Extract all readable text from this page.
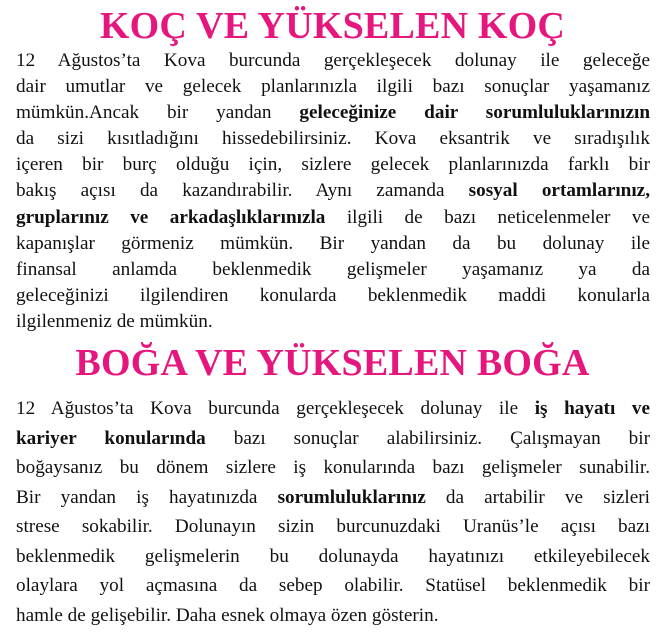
KOÇ VE YÜKSELEN KOÇ
12 Ağustos’ta Kova burcunda gerçekleşecek dolunay ile geleceğe
dair umutlar ve gelecek planlarınızla ilgili bazı sonuçlar yaşamanız
mümkün.Ancak bir yandan geleceğinize dair sorumluluklarınızın
da sizi kısıtladığını hissedebilirsiniz. Kova eksantrik ve sıradışılık
içeren bir burç olduğu için, sizlere gelecek planlarınızda farklı bir
bakış açısı da kazandırabilir. Aynı zamanda sosyal ortamlarınız,
gruplarınız ve arkadaşlıklarınızla ilgili de bazı neticelenmeler ve
kapanışlar görmeniz mümkün. Bir yandan da bu dolunay ile
finansal anlamda beklenmedik gelişmeler yaşamanız ya da
geleceğinizi ilgilendiren konularda beklenmedik maddi konularla
ilgilenmeniz de mümkün.
BOĞA VE YÜKSELEN BOĞA
12 Ağustos’ta Kova burcunda gerçekleşecek dolunay ile iş hayatı ve
kariyer konularında bazı sonuçlar alabilirsiniz. Çalışmayan bir
boğaysanız bu dönem sizlere iş konularında bazı gelişmeler sunabilir.
Bir yandan iş hayatınızda sorumluluklarınız da artabilir ve sizleri
strese sokabilir. Dolunayın sizin burcunuzdaki Uranüs’le açısı bazı
beklenmedik gelişmelerin bu dolunayda hayatınızı etkileyebilecek
olaylara yol açmasına da sebep olabilir. Statüsel beklenmedik bir
hamle de gelişebilir. Daha esnek olmaya özen gösterin.
